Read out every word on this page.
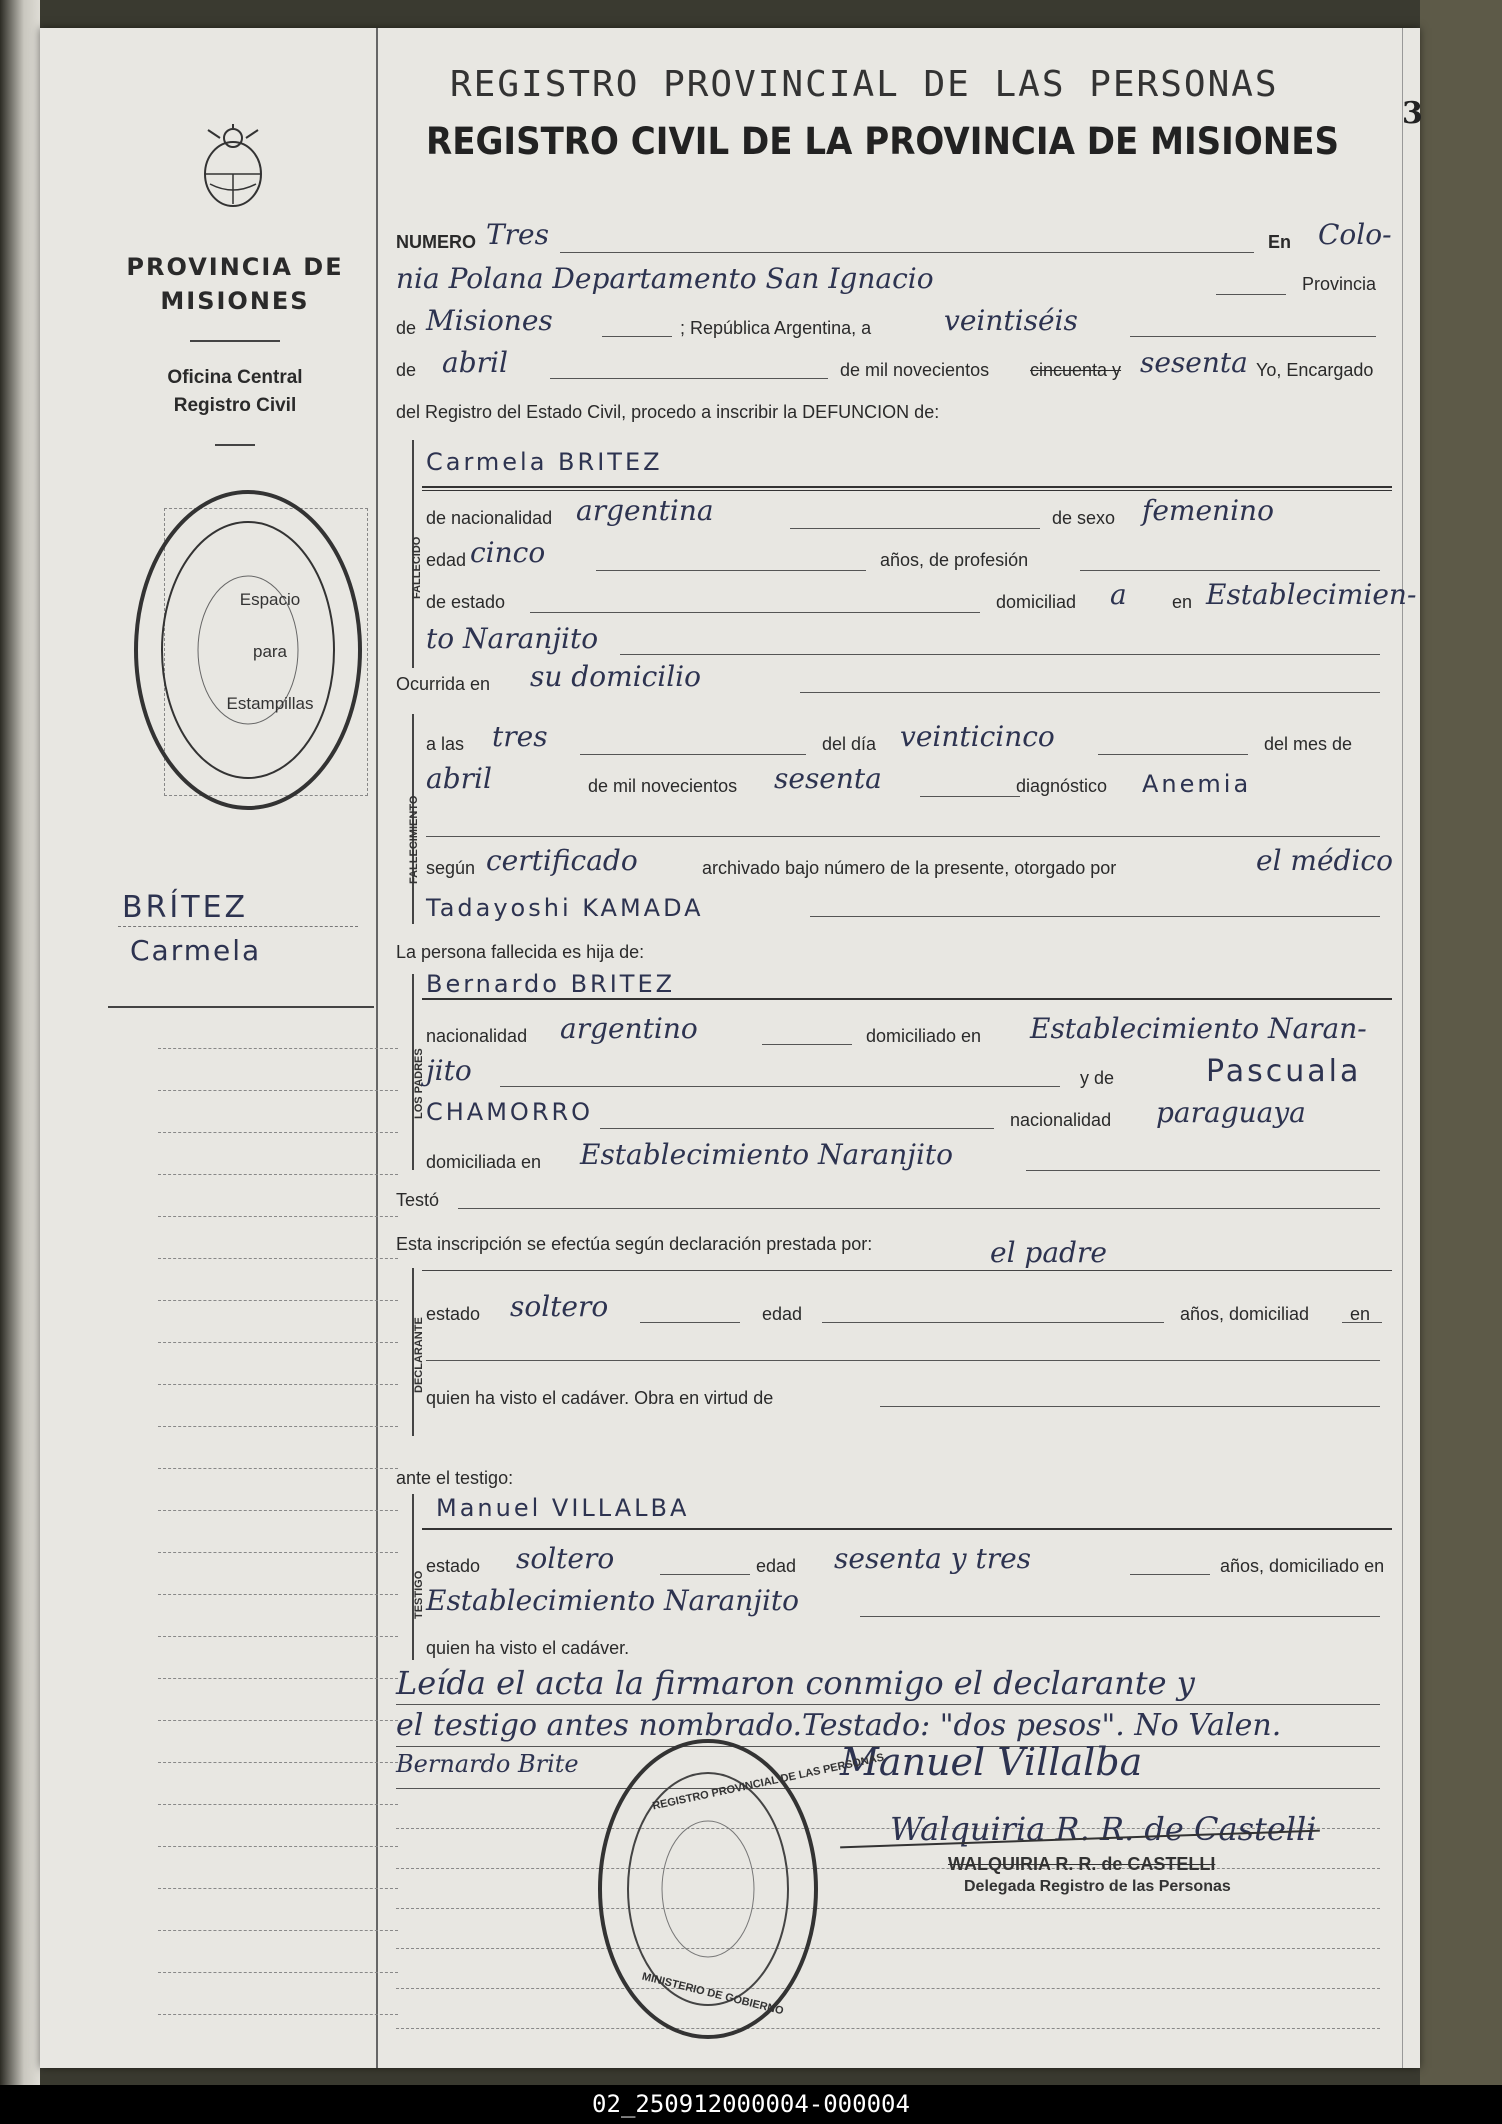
PROVINCIA DE
MISIONES
Oficina Central
Registro Civil
Espacio
para
Estampillas
BRÍTEZ
Carmela
REGISTRO PROVINCIAL DE LAS PERSONAS
REGISTRO CIVIL DE LA PROVINCIA DE MISIONES
3
NUMERO Tres	En Colo-
nia Polana Departamento San Ignacio	Provincia
de Misiones	; República Argentina, a	veintiséis
de abril	de mil novecientos cincuenta y sesenta Yo, Encargado
del Registro del Estado Civil, procedo a inscribir la DEFUNCION de:
FALLECIDO
Carmela BRITEZ
de nacionalidad argentina	de sexo femenino
edad cinco	años, de profesión
de estado	domiciliad a	en Establecimien-
to Naranjito
Ocurrida en su domicilio
FALLECIMIENTO
a las tres	del día veinticinco	del mes de
abril	de mil novecientos sesenta	diagnóstico Anemia
según certificado	archivado bajo número de la presente, otorgado por	el médico
Tadayoshi KAMADA
La persona fallecida es hija de:
LOS PADRES
Bernardo BRITEZ
nacionalidad argentino	domiciliado en Establecimiento Naran-
jito	y de	Pascuala
CHAMORRO	nacionalidad paraguaya
domiciliada en Establecimiento Naranjito
Testó
Esta inscripción se efectúa según declaración prestada por:	el padre
DECLARANTE
estado soltero	edad	años, domiciliad en
quien ha visto el cadáver. Obra en virtud de
ante el testigo:
TESTIGO
Manuel VILLALBA
estado soltero	edad sesenta y tres	años, domiciliado en
Establecimiento Naranjito
quien ha visto el cadáver.
Leída el acta la firmaron conmigo el declarante y
el testigo antes nombrado.Testado: "dos pesos". No Valen.
Bernardo Brite	Manuel Villalba
REGISTRO PROVINCIAL DE LAS PERSONAS
MINISTERIO DE GOBIERNO
Walquiria R. R. de Castelli
WALQUIRIA R. R. de CASTELLI
Delegada Registro de las Personas
02_250912000004-000004
